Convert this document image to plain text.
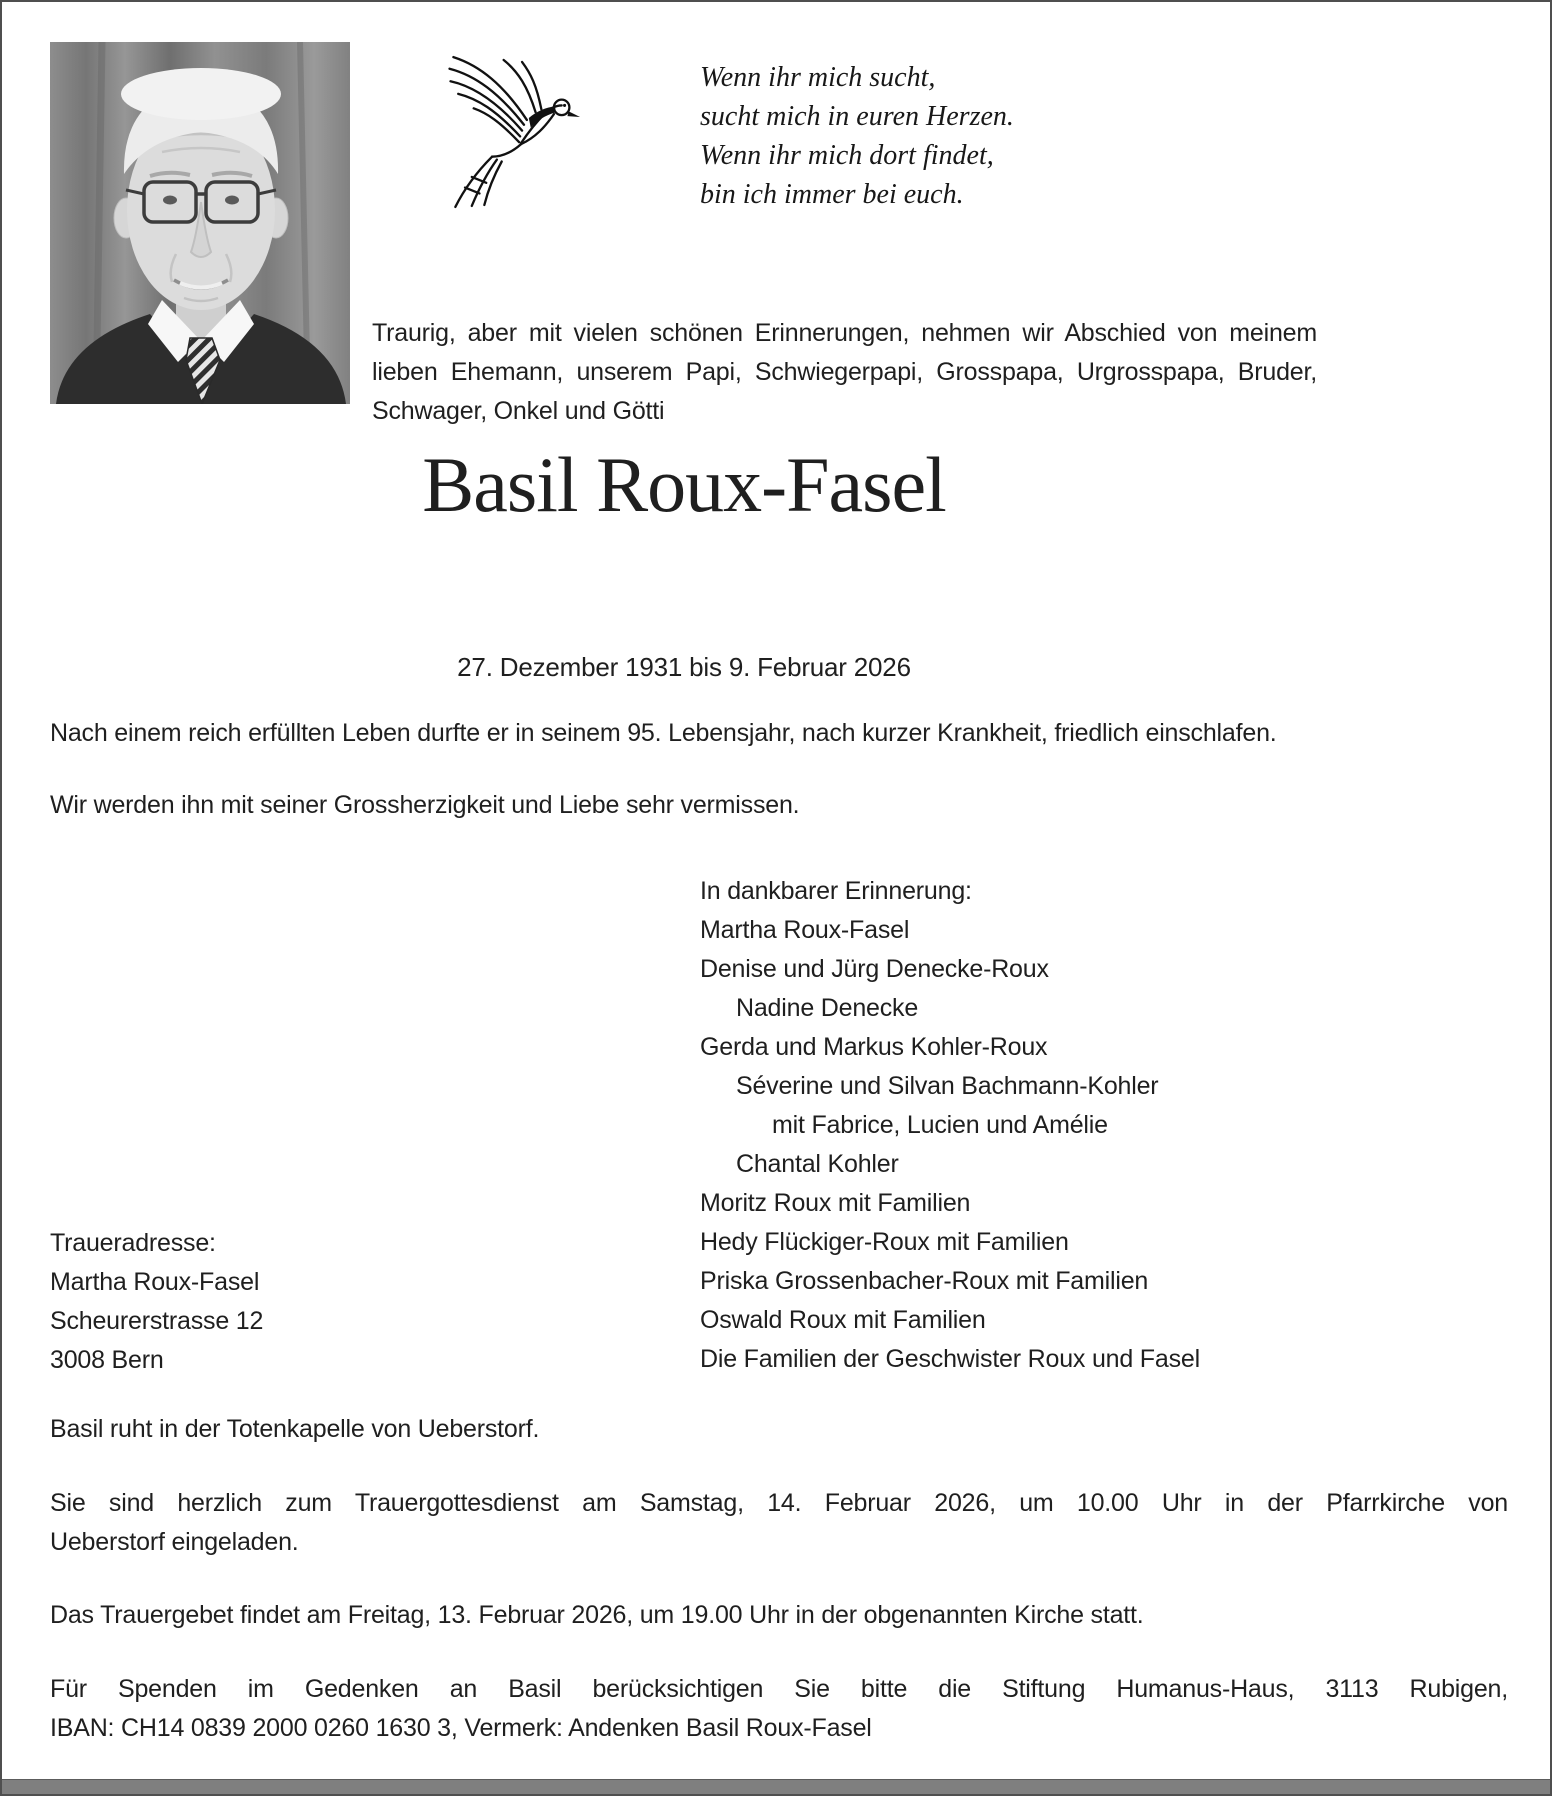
Wenn ihr mich sucht,
sucht mich in euren Herzen.
Wenn ihr mich dort findet,
bin ich immer bei euch.
Traurig, aber mit vielen schönen Erinnerungen, nehmen wir Abschied von meinem
lieben Ehemann, unserem Papi, Schwiegerpapi, Grosspapa, Urgrosspapa, Bruder,
Schwager, Onkel und Götti
Basil Roux-Fasel
27. Dezember 1931 bis 9. Februar 2026
Nach einem reich erfüllten Leben durfte er in seinem 95. Lebensjahr, nach kurzer Krankheit, friedlich einschlafen.
Wir werden ihn mit seiner Grossherzigkeit und Liebe sehr vermissen.
In dankbarer Erinnerung:
Martha Roux-Fasel
Denise und Jürg Denecke-Roux
Nadine Denecke
Gerda und Markus Kohler-Roux
Séverine und Silvan Bachmann-Kohler
mit Fabrice, Lucien und Amélie
Chantal Kohler
Moritz Roux mit Familien
Hedy Flückiger-Roux mit Familien
Priska Grossenbacher-Roux mit Familien
Oswald Roux mit Familien
Die Familien der Geschwister Roux und Fasel
Traueradresse:
Martha Roux-Fasel
Scheurerstrasse 12
3008 Bern
Basil ruht in der Totenkapelle von Ueberstorf.
Sie sind herzlich zum Trauergottesdienst am Samstag, 14. Februar 2026, um 10.00 Uhr in der Pfarrkirche von
Ueberstorf eingeladen.
Das Trauergebet findet am Freitag, 13. Februar 2026, um 19.00 Uhr in der obgenannten Kirche statt.
Für Spenden im Gedenken an Basil berücksichtigen Sie bitte die Stiftung Humanus-Haus, 3113 Rubigen,
IBAN: CH14 0839 2000 0260 1630 3, Vermerk: Andenken Basil Roux-Fasel
